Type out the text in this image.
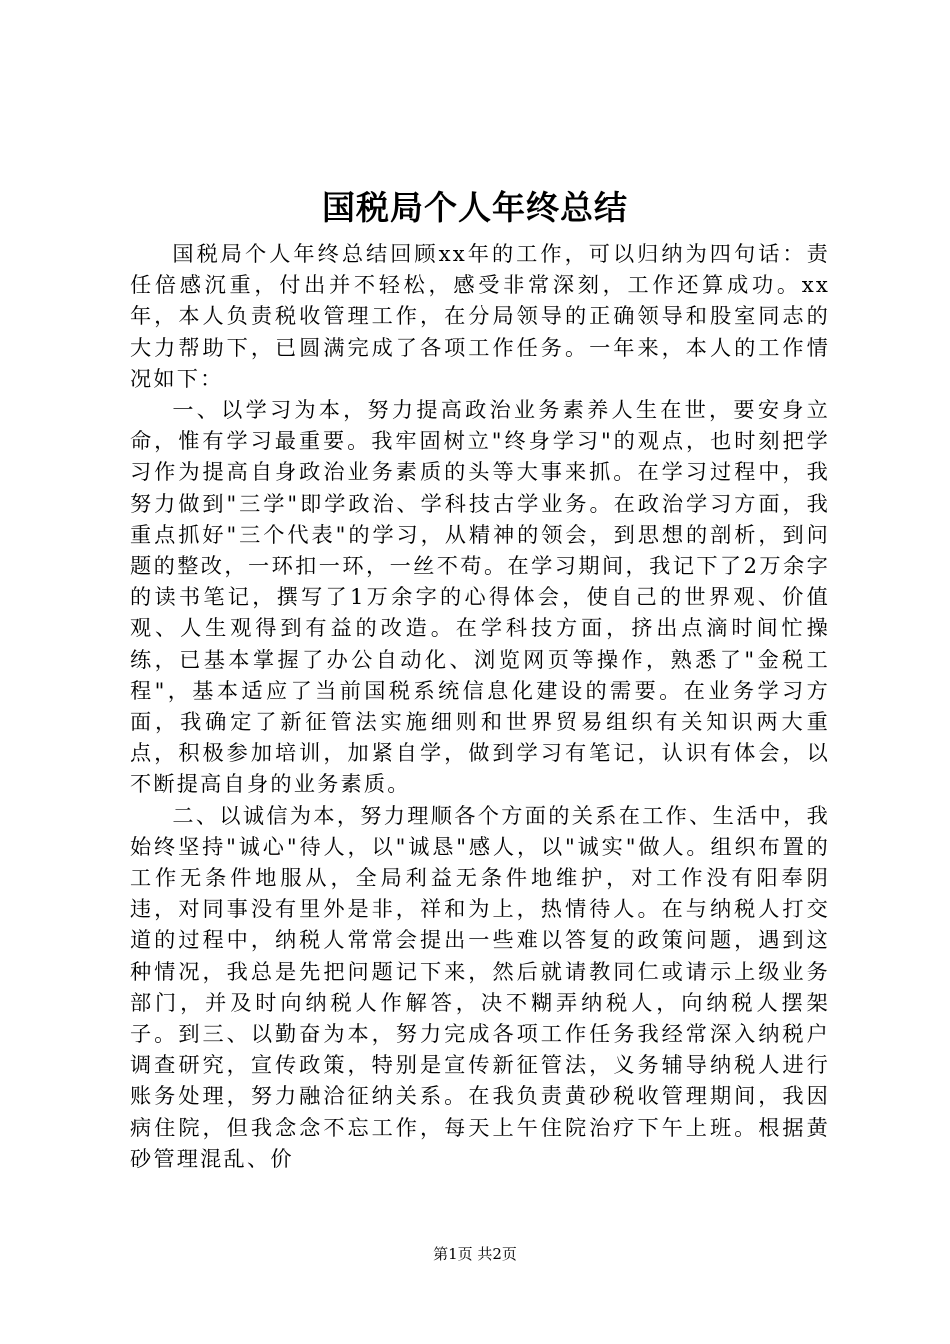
国税局个人年终总结

国税局个人年终总结回顾xx年的工作，可以归纳为四句话：责任倍感沉重，付出并不轻松，感受非常深刻，工作还算成功。xx年，本人负责税收管理工作，在分局领导的正确领导和股室同志的大力帮助下，已圆满完成了各项工作任务。一年来，本人的工作情况如下：

一、以学习为本，努力提高政治业务素养人生在世，要安身立命，惟有学习最重要。我牢固树立"终身学习"的观点，也时刻把学习作为提高自身政治业务素质的头等大事来抓。在学习过程中，我努力做到"三学"即学政治、学科技古学业务。在政治学习方面，我重点抓好"三个代表"的学习，从精神的领会，到思想的剖析，到问题的整改，一环扣一环，一丝不苟。在学习期间，我记下了2万余字的读书笔记，撰写了1万余字的心得体会，使自己的世界观、价值观、人生观得到有益的改造。在学科技方面，挤出点滴时间忙操练，已基本掌握了办公自动化、浏览网页等操作，熟悉了"金税工程"，基本适应了当前国税系统信息化建设的需要。在业务学习方面，我确定了新征管法实施细则和世界贸易组织有关知识两大重点，积极参加培训，加紧自学，做到学习有笔记，认识有体会，以不断提高自身的业务素质。

二、以诚信为本，努力理顺各个方面的关系在工作、生活中，我始终坚持"诚心"待人，以"诚恳"感人，以"诚实"做人。组织布置的工作无条件地服从，全局利益无条件地维护，对工作没有阳奉阴违，对同事没有里外是非，祥和为上，热情待人。在与纳税人打交道的过程中，纳税人常常会提出一些难以答复的政策问题，遇到这种情况，我总是先把问题记下来，然后就请教同仁或请示上级业务部门，并及时向纳税人作解答，决不糊弄纳税人，向纳税人摆架子。到三、以勤奋为本，努力完成各项工作任务我经常深入纳税户调查研究，宣传政策，特别是宣传新征管法，义务辅导纳税人进行账务处理，努力融洽征纳关系。在我负责黄砂税收管理期间，我因病住院，但我念念不忘工作，每天上午住院治疗下午上班。根据黄砂管理混乱、价

第1页 共2页
